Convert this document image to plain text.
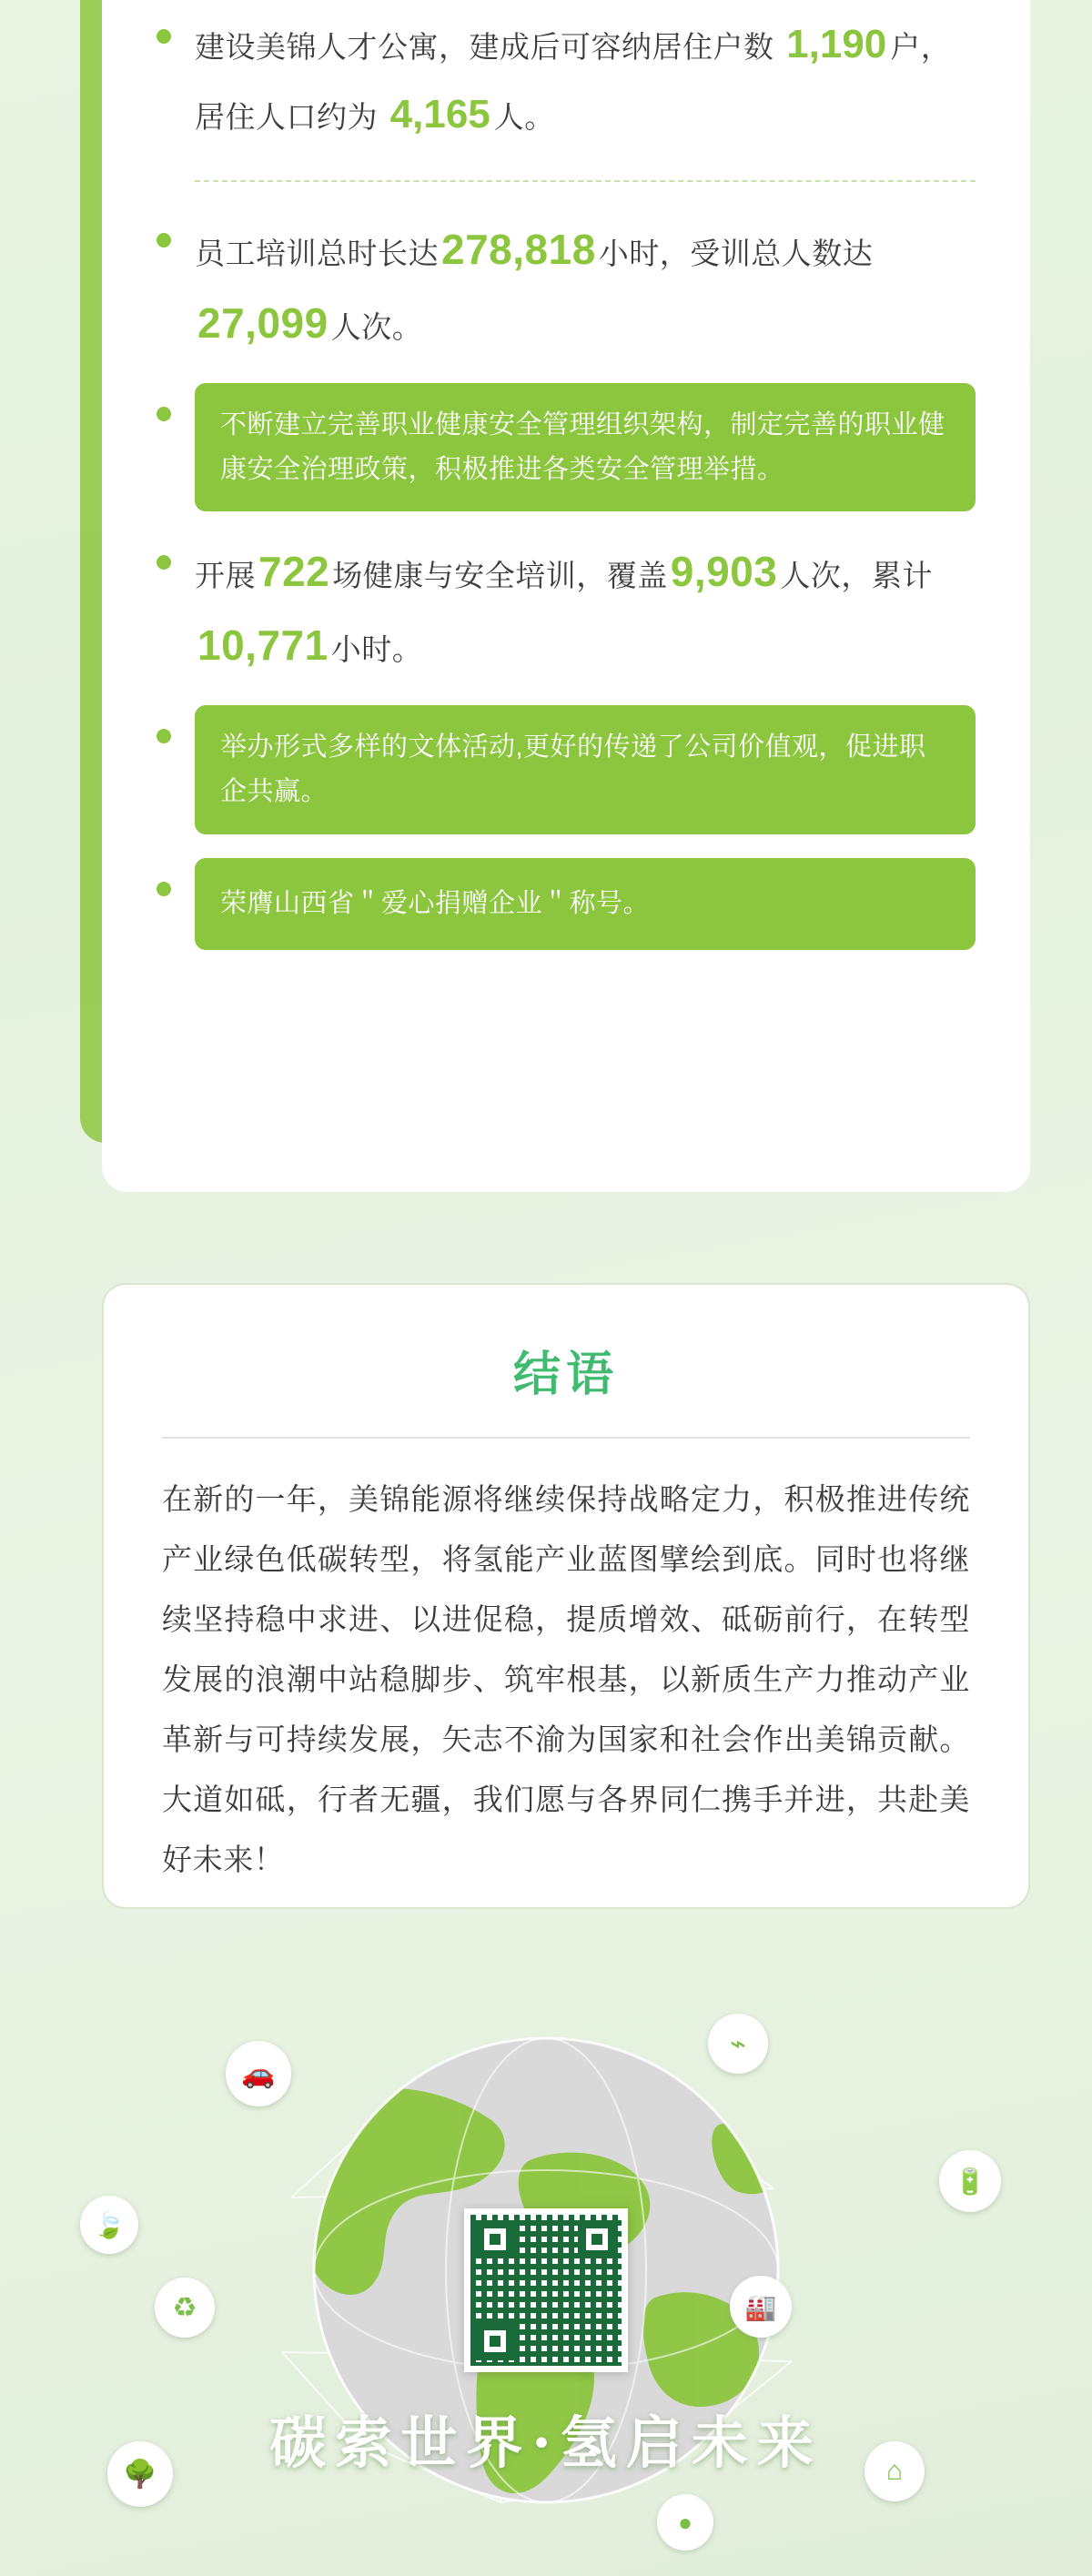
建设美锦人才公寓，建成后可容纳居住户数 1,190 户，居住人口约为 4,165 人。
员工培训总时长达278,818小时，受训总人数达27,099人次。
不断建立完善职业健康安全管理组织架构，制定完善的职业健康安全治理政策，积极推进各类安全管理举措。
开展722场健康与安全培训，覆盖9,903人次，累计10,771小时。
举办形式多样的文体活动,更好的传递了公司价值观，促进职企共赢。
荣膺山西省＂爱心捐赠企业＂称号。
结语
在新的一年，美锦能源将继续保持战略定力，积极推进传统产业绿色低碳转型，将氢能产业蓝图擘绘到底。同时也将继续坚持稳中求进、以进促稳，提质增效、砥砺前行，在转型发展的浪潮中站稳脚步、筑牢根基，以新质生产力推动产业革新与可持续发展，矢志不渝为国家和社会作出美锦贡献。大道如砥，行者无疆，我们愿与各界同仁携手并进，共赴美好未来！
🚗
⌁
🍃
♻
🔋
🏭
🌳	⌂
●
碳索世界·氢启未来
